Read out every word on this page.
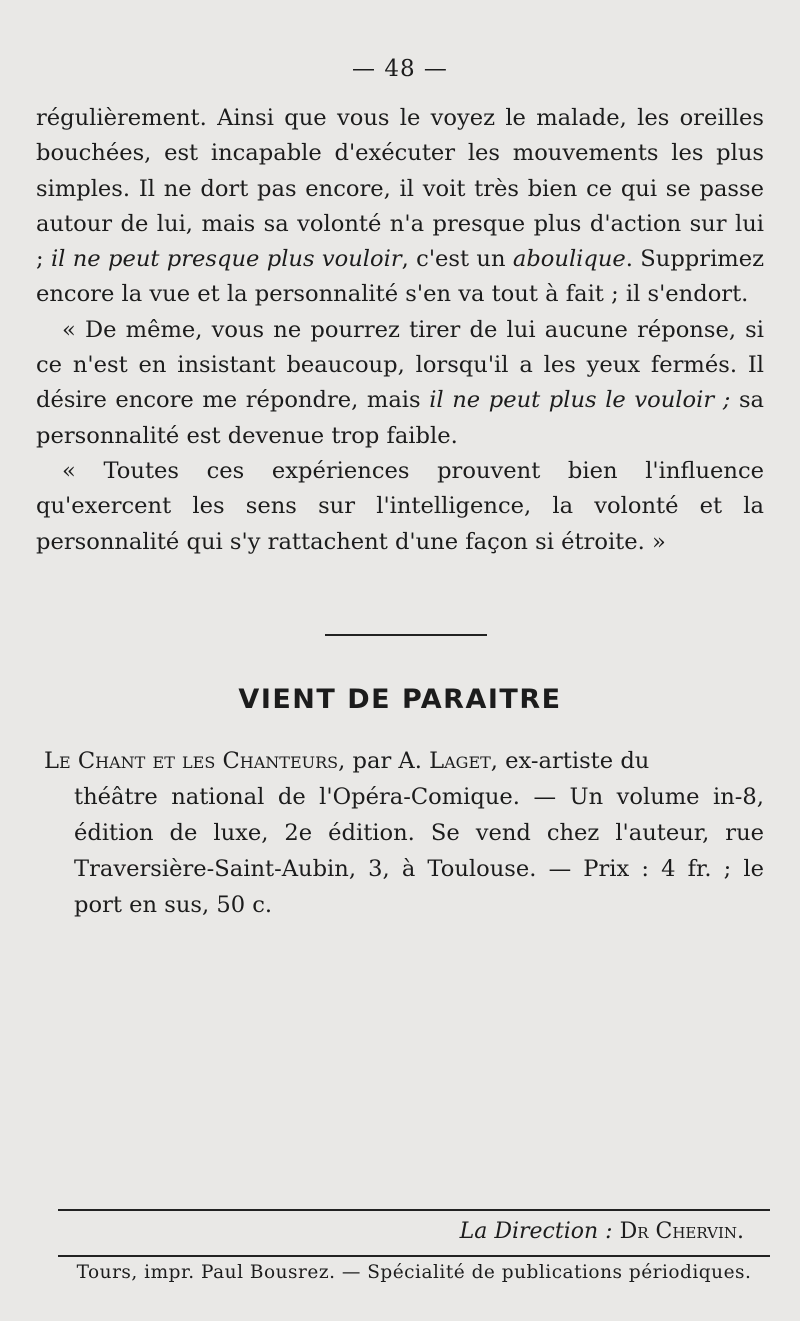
— 48 —

régulièrement. Ainsi que vous le voyez le malade, les oreilles bouchées, est incapable d'exécuter les mouvements les plus simples. Il ne dort pas encore, il voit très bien ce qui se passe autour de lui, mais sa volonté n'a presque plus d'action sur lui ; il ne peut presque plus vouloir, c'est un aboulique. Supprimez encore la vue et la personnalité s'en va tout à fait ; il s'endort.

« De même, vous ne pourrez tirer de lui aucune réponse, si ce n'est en insistant beaucoup, lorsqu'il a les yeux fermés. Il désire encore me répondre, mais il ne peut plus le vouloir ; sa personnalité est devenue trop faible.

« Toutes ces expériences prouvent bien l'influence qu'exercent les sens sur l'intelligence, la volonté et la personnalité qui s'y rattachent d'une façon si étroite. »

VIENT DE PARAITRE
Le Chant et les Chanteurs, par A. Laget, ex-artiste du
théâtre national de l'Opéra-Comique. — Un volume in-8, édition de luxe, 2e édition. Se vend chez l'auteur, rue Traversière-Saint-Aubin, 3, à Toulouse. — Prix : 4 fr. ; le port en sus, 50 c.
La Direction : Dr Chervin.
Tours, impr. Paul Bousrez. — Spécialité de publications périodiques.
